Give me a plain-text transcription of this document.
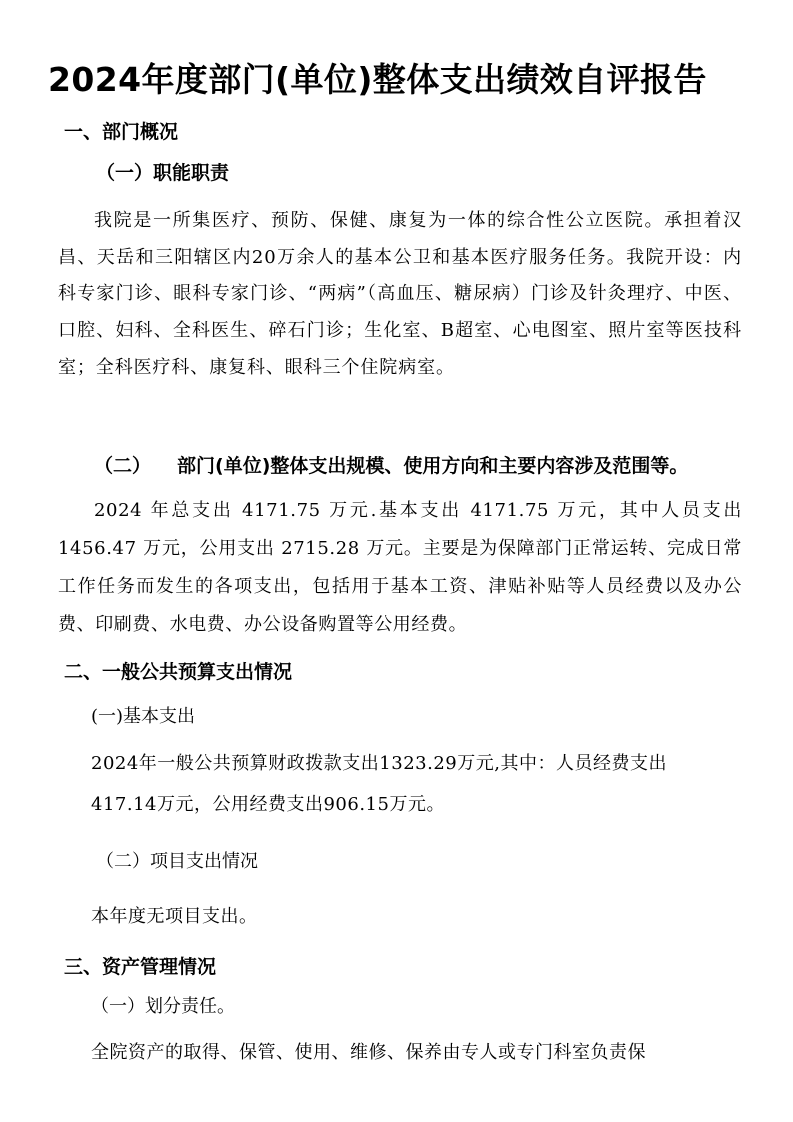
2024年度部门(单位)整体支出绩效自评报告
一、部门概况
（一）职能职责
我院是一所集医疗、预防、保健、康复为一体的综合性公立医院。承担着汉昌、天岳和三阳辖区内20万余人的基本公卫和基本医疗服务任务。我院开设：内科专家门诊、眼科专家门诊、“两病”（高血压、糖尿病）门诊及针灸理疗、中医、口腔、妇科、全科医生、碎石门诊；生化室、B超室、心电图室、照片室等医技科室；全科医疗科、康复科、眼科三个住院病室。
（二） 部门(单位)整体支出规模、使用方向和主要内容涉及范围等。
2024 年总支出 4171.75 万元.基本支出 4171.75 万元，其中人员支出 1456.47 万元，公用支出 2715.28 万元。主要是为保障部门正常运转、完成日常工作任务而发生的各项支出，包括用于基本工资、津贴补贴等人员经费以及办公费、印刷费、水电费、办公设备购置等公用经费。
二、一般公共预算支出情况
(一)基本支出
2024年一般公共预算财政拨款支出1323.29万元,其中：人员经费支出
417.14万元，公用经费支出906.15万元。
（二）项目支出情况
本年度无项目支出。
三、资产管理情况
（一）划分责任。
全院资产的取得、保管、使用、维修、保养由专人或专门科室负责保
